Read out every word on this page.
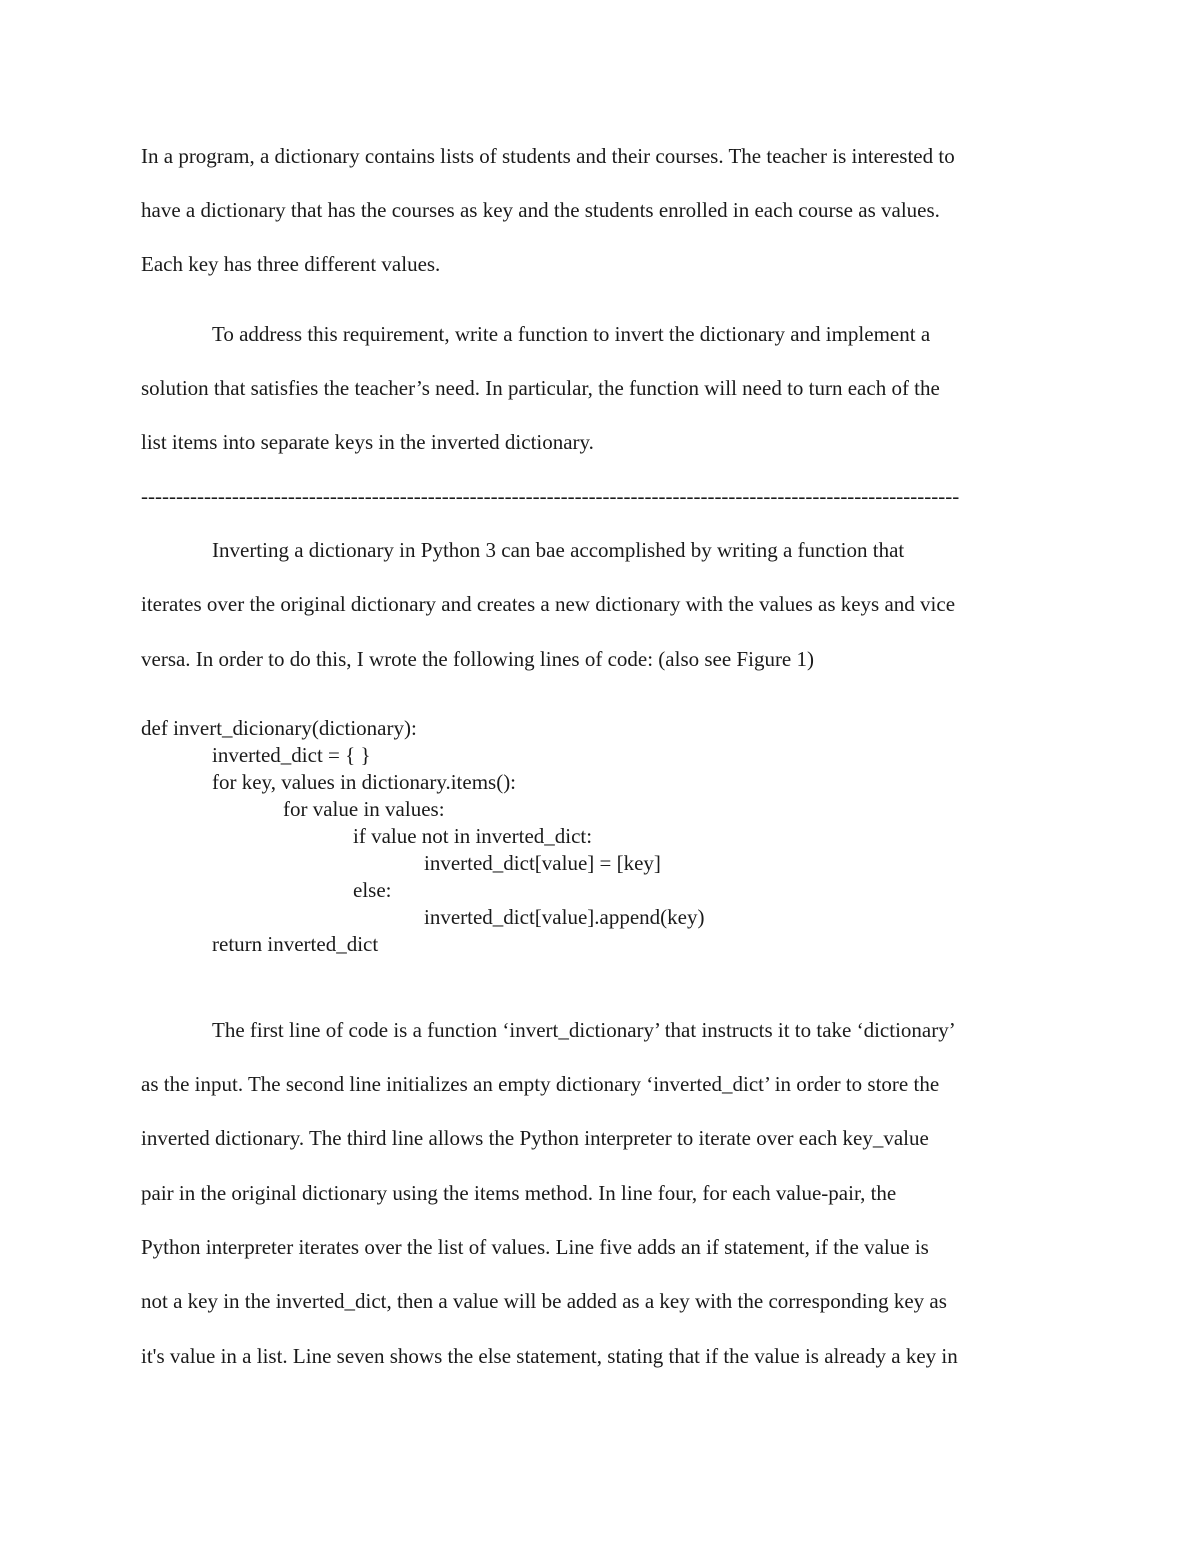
In a program, a dictionary contains lists of students and their courses. The teacher is interested to

have a dictionary that has the courses as key and the students enrolled in each course as values.

Each key has three different values.

To address this requirement, write a function to invert the dictionary and implement a

solution that satisfies the teacher’s need. In particular, the function will need to turn each of the

list items into separate keys in the inverted dictionary.

---------------------------------------------------------------------------------------------------------------------

Inverting a dictionary in Python 3 can bae accomplished by writing a function that

iterates over the original dictionary and creates a new dictionary with the values as keys and vice

versa. In order to do this, I wrote the following lines of code: (also see Figure 1)

def invert_dicionary(dictionary):

inverted_dict = { }

for key, values in dictionary.items():

for value in values:

if value not in inverted_dict:

inverted_dict[value] = [key]

else:

inverted_dict[value].append(key)

return inverted_dict

The first line of code is a function ‘invert_dictionary’ that instructs it to take ‘dictionary’

as the input. The second line initializes an empty dictionary ‘inverted_dict’ in order to store the

inverted dictionary. The third line allows the Python interpreter to iterate over each key_value

pair in the original dictionary using the items method. In line four, for each value-pair, the

Python interpreter iterates over the list of values. Line five adds an if statement, if the value is

not a key in the inverted_dict, then a value will be added as a key with the corresponding key as

it's value in a list. Line seven shows the else statement, stating that if the value is already a key in
